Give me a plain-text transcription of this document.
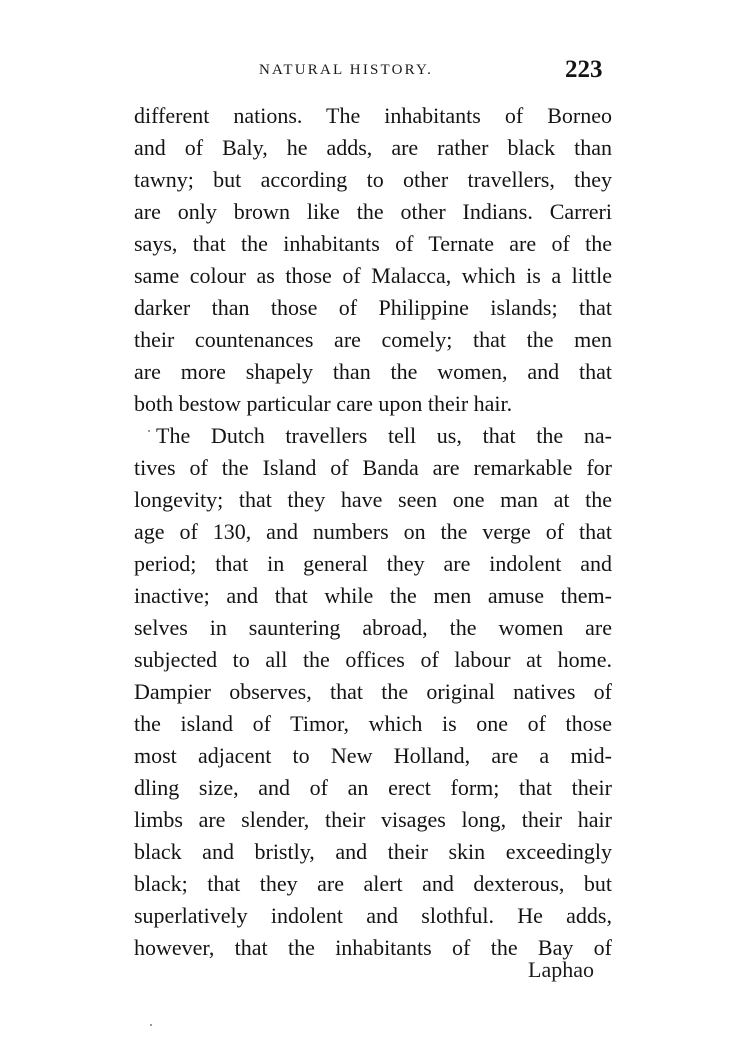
NATURAL HISTORY.	223
different nations. The inhabitants of Borneo
and of Baly, he adds, are rather black than
tawny; but according to other travellers, they
are only brown like the other Indians. Carreri
says, that the inhabitants of Ternate are of the
same colour as those of Malacca, which is a little
darker than those of Philippine islands; that
their countenances are comely; that the men
are more shapely than the women, and that
both bestow particular care upon their hair.
The Dutch travellers tell us, that the na-
tives of the Island of Banda are remarkable for
longevity; that they have seen one man at the
age of 130, and numbers on the verge of that
period; that in general they are indolent and
inactive; and that while the men amuse them-
selves in sauntering abroad, the women are
subjected to all the offices of labour at home.
Dampier observes, that the original natives of
the island of Timor, which is one of those
most adjacent to New Holland, are a mid-
dling size, and of an erect form; that their
limbs are slender, their visages long, their hair
black and bristly, and their skin exceedingly
black; that they are alert and dexterous, but
superlatively indolent and slothful. He adds,
however, that the inhabitants of the Bay of
Laphao
